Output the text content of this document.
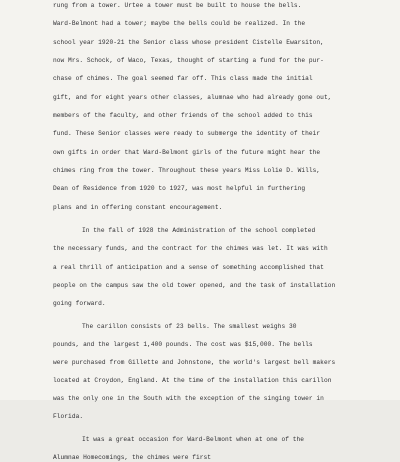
rung from a tower. Urtee a tower must be built to house the bells.

Ward-Belmont had a tower; maybe the bells could be realized. In the

school year 1920-21 the Senior class whose president Cistelle Ewarsiton,

now Mrs. Schock, of Waco, Texas, thought of starting a fund for the pur-

chase of chimes. The goal seemed far off. This class made the initial

gift, and for eight years other classes, alumnae who had already gone out,

members of the faculty, and other friends of the school added to this

fund. These Senior classes were ready to submerge the identity of their

own gifts in order that Ward-Belmont girls of the future might hear the

chimes ring from the tower. Throughout these years Miss Lolie D. Wills,

Dean of Residence from 1920 to 1927, was most helpful in furthering

plans and in offering constant encouragement.

In the fall of 1928 the Administration of the school completed

the necessary funds, and the contract for the chimes was let. It was with

a real thrill of anticipation and a sense of something accomplished that

people on the campus saw the old tower opened, and the task of installation

going forward.

The carillon consists of 23 bells. The smallest weighs 30

pounds, and the largest 1,400 pounds. The cost was $15,000. The bells

were purchased from Gillette and Johnstone, the world's largest bell makers

located at Croydon, England. At the time of the installation this carillon

was the only one in the South with the exception of the singing tower in

Florida.

It was a great occasion for Ward-Belmont when at one of the

Alumnae Homecomings, the chimes were first
